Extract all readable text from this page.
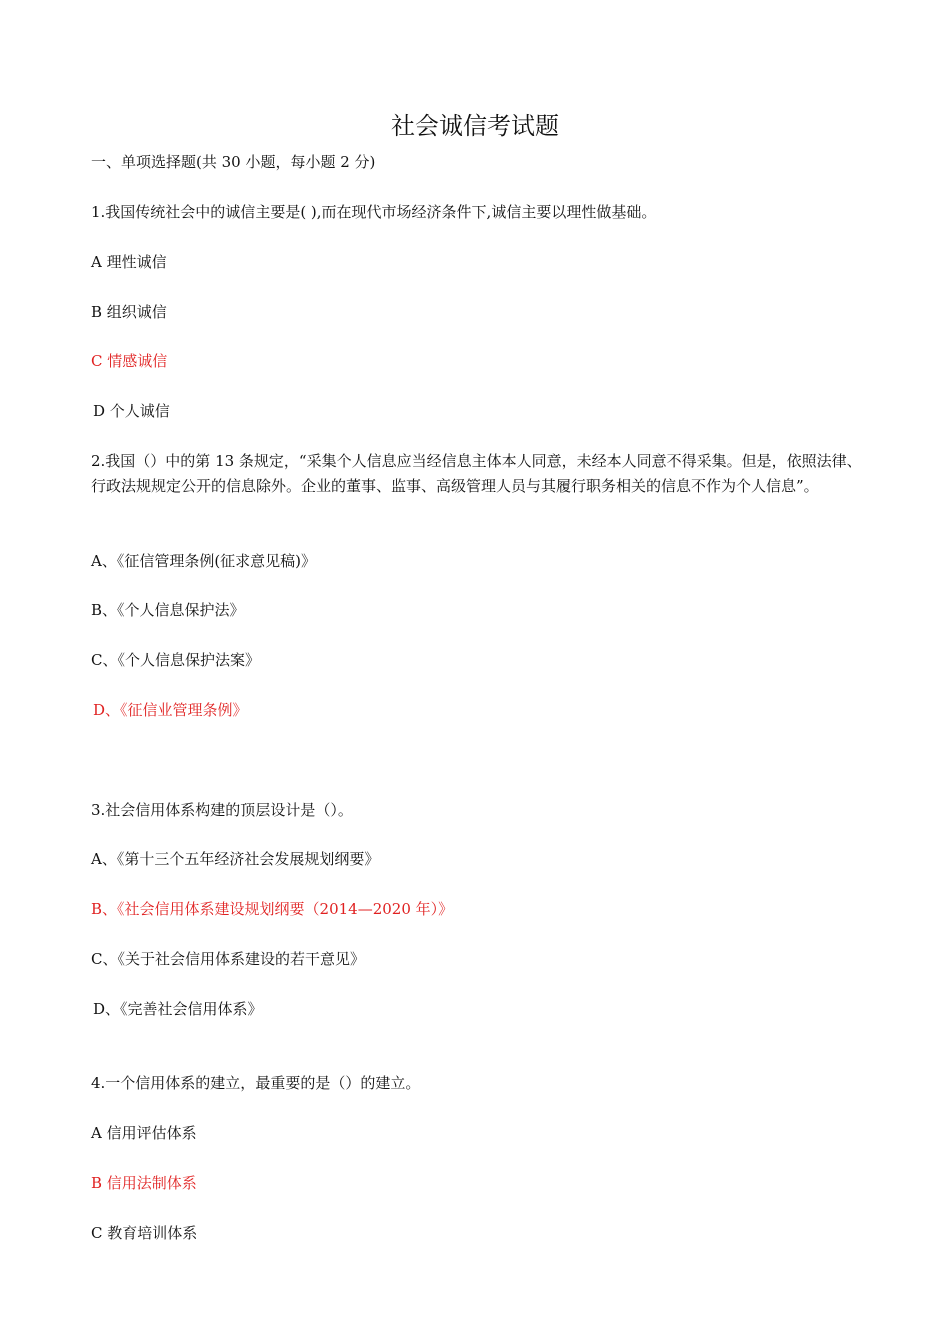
社会诚信考试题
一、单项选择题(共 30 小题，每小题 2 分)
1.我国传统社会中的诚信主要是( ),而在现代市场经济条件下,诚信主要以理性做基础。
A 理性诚信
B 组织诚信
C 情感诚信
D 个人诚信
2.我国（）中的第 13 条规定，“采集个人信息应当经信息主体本人同意，未经本人同意不得采集。但是，依照法律、行政法规规定公开的信息除外。企业的董事、监事、高级管理人员与其履行职务相关的信息不作为个人信息”。
A、《征信管理条例(征求意见稿)》
B、《个人信息保护法》
C、《个人信息保护法案》
D、《征信业管理条例》
3.社会信用体系构建的顶层设计是（）。
A、《第十三个五年经济社会发展规划纲要》
B、《社会信用体系建设规划纲要（2014—2020 年）》
C、《关于社会信用体系建设的若干意见》
D、《完善社会信用体系》
4.一个信用体系的建立，最重要的是（）的建立。
A 信用评估体系
B 信用法制体系
C 教育培训体系
